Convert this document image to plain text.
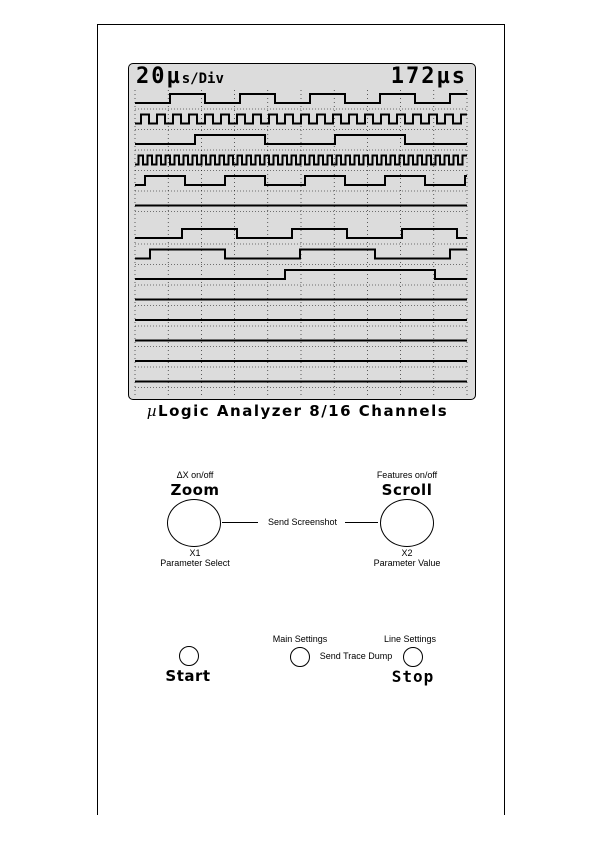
20µs/Div	172µs
µLogic Analyzer 8/16 Channels
ΔX on/off
Zoom
X1
Parameter Select
Send Screenshot
Features on/off
Scroll
X2
Parameter Value
Start
Main Settings
Send Trace Dump
Line Settings
Stop
